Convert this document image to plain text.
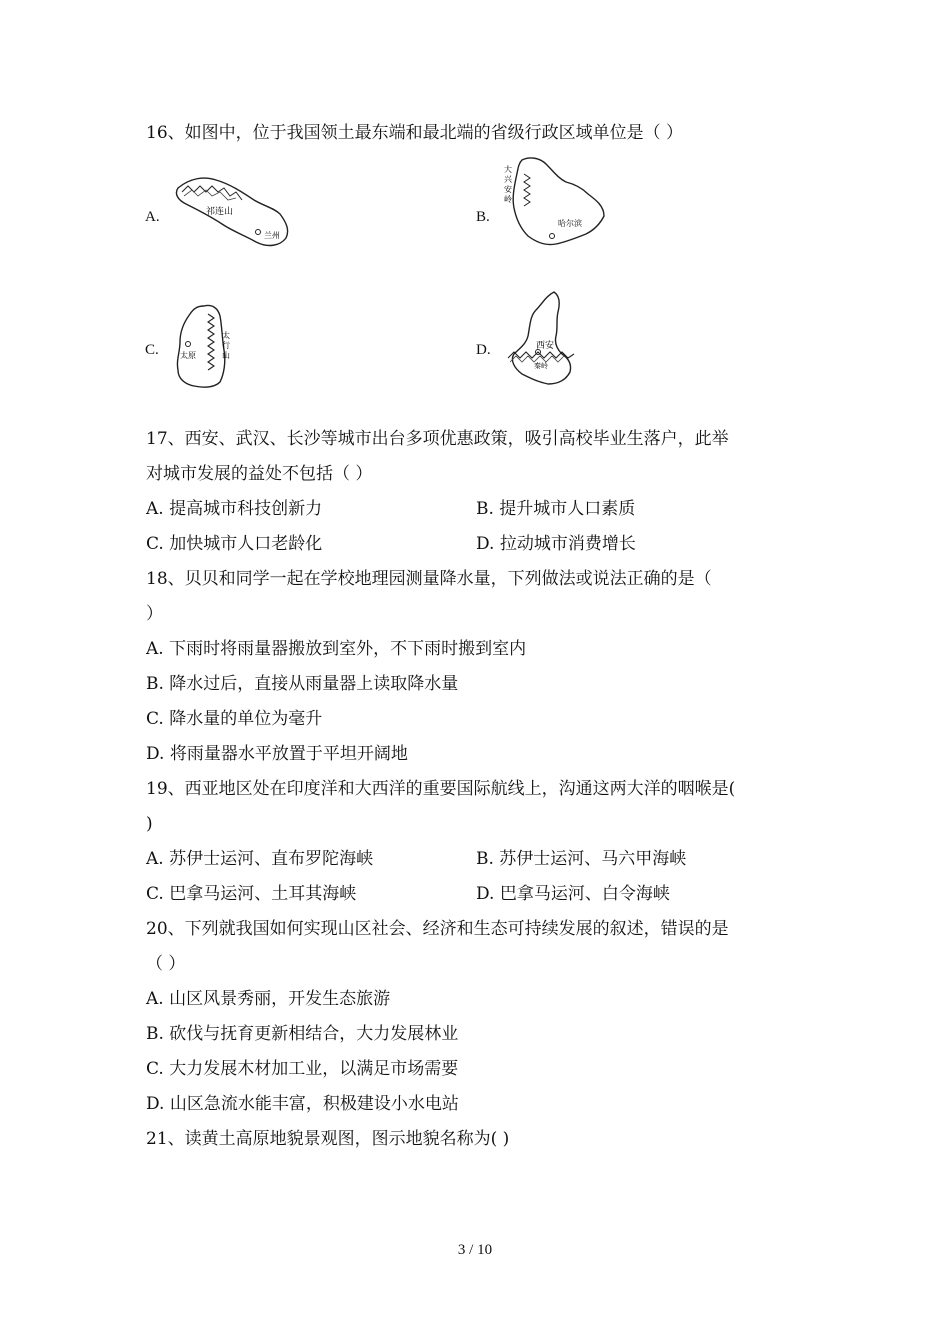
16、如图中，位于我国领土最东端和最北端的省级行政区域单位是（ ）
A.	祁连山
兰州
B.
大兴安岭
哈尔滨
C.	太原
太行山	D.	西安
秦岭
17、西安、武汉、长沙等城市出台多项优惠政策，吸引高校毕业生落户，此举
对城市发展的益处不包括（ ）
A. 提高城市科技创新力	B. 提升城市人口素质
C. 加快城市人口老龄化	D. 拉动城市消费增长
18、贝贝和同学一起在学校地理园测量降水量，下列做法或说法正确的是（
）
A. 下雨时将雨量器搬放到室外，不下雨时搬到室内
B. 降水过后，直接从雨量器上读取降水量
C. 降水量的单位为毫升
D. 将雨量器水平放置于平坦开阔地
19、西亚地区处在印度洋和大西洋的重要国际航线上，沟通这两大洋的咽喉是(
)
A. 苏伊士运河、直布罗陀海峡	B. 苏伊士运河、马六甲海峡
C. 巴拿马运河、土耳其海峡	D. 巴拿马运河、白令海峡
20、下列就我国如何实现山区社会、经济和生态可持续发展的叙述，错误的是
（ ）
A. 山区风景秀丽，开发生态旅游
B. 砍伐与抚育更新相结合，大力发展林业
C. 大力发展木材加工业，以满足市场需要
D. 山区急流水能丰富，积极建设小水电站
21、读黄土高原地貌景观图，图示地貌名称为( )
3 / 10
